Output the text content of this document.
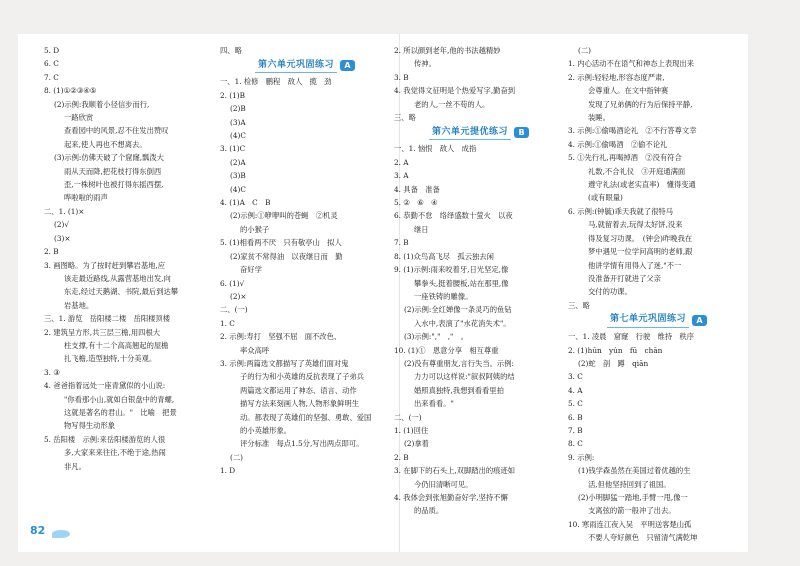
5. D
6. C
7. C
8. (1)①②③④⑤
(2)示例:我顺着小径信步而行,
一路欣赏
查看园中的风景,忍不住发出赞叹
起来,使人再也不想离去。
(3)示例:仿佛天破了个窟窿,瓢泼大
雨从天而降,把花枝打得东倒西
歪,一株树叶也被打得东摇西摆,
哗啦啦的雨声
二、1. (1)×
(2)√
(3)×
2. B
3. 画图略。为了按时赶到攀岩基地,应
该走最近路线,从露营基地出发,向
东走,经过天鹅湖、书院,最后到达攀
岩基地。
三、1. 游览　岳阳楼二楼　岳阳楼顶楼
2. 建筑呈方形,共三层三檐,用四根大
柱支撑,有十二个高高翘起的屋檐
扎飞檐,造型独特,十分美观。
3. ③
4. 爸爸指着远处一座青黛似的小山说:
"你看那小山,就如白银盘中的青螺,
这就是著名的君山。"　比喻　把景
物写得生动形象
5. 岳阳楼　示例:来岳阳楼游览的人很
多,大家来来往往,不绝于途,热闹
非凡。
四、略
第六单元巩固练习	A
一、1. 检修　鹏程　敌人　揽　劲
2. (1)B
(2)B
(3)A
(4)C
3. (1)C
(2)A
(3)B
(4)C
4. (1)A　C　B
(2)示例:①咿咿叫的苍蝇　②机灵
的小猴子
5. (1)相看两不厌　只有敬亭山　拟人
(2)家贫不常得油　以夜继日而　勤
奋好学
6. (1)√
(2)×
二、(一)
1. C
2. 示例:寿打　坚强不屈　面不改色、
率众高呼
3. 示例:两篇选文都描写了英雄们面对鬼
子的行为和小英雄的反抗表现了子弟兵
两篇选文都运用了神态、语言、动作
描写方法来刻画人物,人物形象鲜明生
动。都表现了英雄们的坚强、勇敢、爱国
的小英雄形象。
评分标准　每点1.5分,写出两点即可。
(二)
1. D
2. 所以颜到老年,他的书法越精妙
传神。
3. B
4. 我觉得文征明是个热爱写字,勤奋到
老的人,一丝不苟的人。
三、略
第六单元提优练习	B
一、1. 恼恨　敌人　成指
2. A
3. A
4. 具备　准备
5. ②　⑥　④
6. 恭勤不怠　络绎盛数十萤火　以夜
继日
7. B
8. (1)众鸟高飞尽　孤云独去闲
9. (1)示例:雨来咬着牙,日光坚定,像
攀拳头,挺着腰板,站在那里,像
一座铁铸的雕像。
(2)示例:全红婵像一条灵巧的鱼钻
入水中,表演了"水花消失术"。
(3)示例:","　,"　。
10. (1)①　恩意分享　相互尊重
(2)没有尊重朋友,言行失当。示例:
力力可以这样说:"叙叔阿姨的结
婚照真独特,我想到看看里拍
出来看看。"
二、(一)
1. (1)回住
(2)拿着
2. B
3. 在脚下的石头上,双脚踏出的痕迹如
今仍旧清晰可见。
4. 我体会到张旭勤奋好学,坚持不懈
的品质。
(二)
1. 内心活动不在语气和神态上表现出来
2. 示例:轻轻地,形容态度严肃,
会尊重人。在文中指钟赛
发现了兄弟俩的行为后保持平静,
装睡。
3. 示例:①偷喝酒论礼　②不行答尊文幸
4. 示例:①偷喝酒　②偷不论礼
5. ①先行礼,再喝掉酒　②没有符合
礼数,不合礼仪　③开庭通满面
遵守礼法(或老实直率)　懂得变通
(或有眼量)
6. 示例:(钟毓)乖天我就了很特马
马,就留着去,玩得太好饼,没来
得及复习功课。　(钟会)昨晚我在
梦中遇见一位学问高明的老师,跟
他讲学情有用得入了迷,"不一
没准备开打就进了父亲
交付的功课。
三、略
第七单元巩固练习	A
一、1. 凌晨　窟窿　行驶　维持　秩序
2. (1)hūn　yún　fū　chān
(2)蛇　剖　蹲　qiān
3. C
4. A
5. C
6. B
7. B
8. C
9. 示例:
(1)钱学森虽然在美国过着优越的生
活,但他坚持回到了祖国。
(2)小明脚猛一踏地,手臂一甩,像一
支离弦的箭一般冲了出去。
10. 寒雨连江夜入吴　平明送客楚山孤
不要人夸好颜色　只留清气满乾坤
82
